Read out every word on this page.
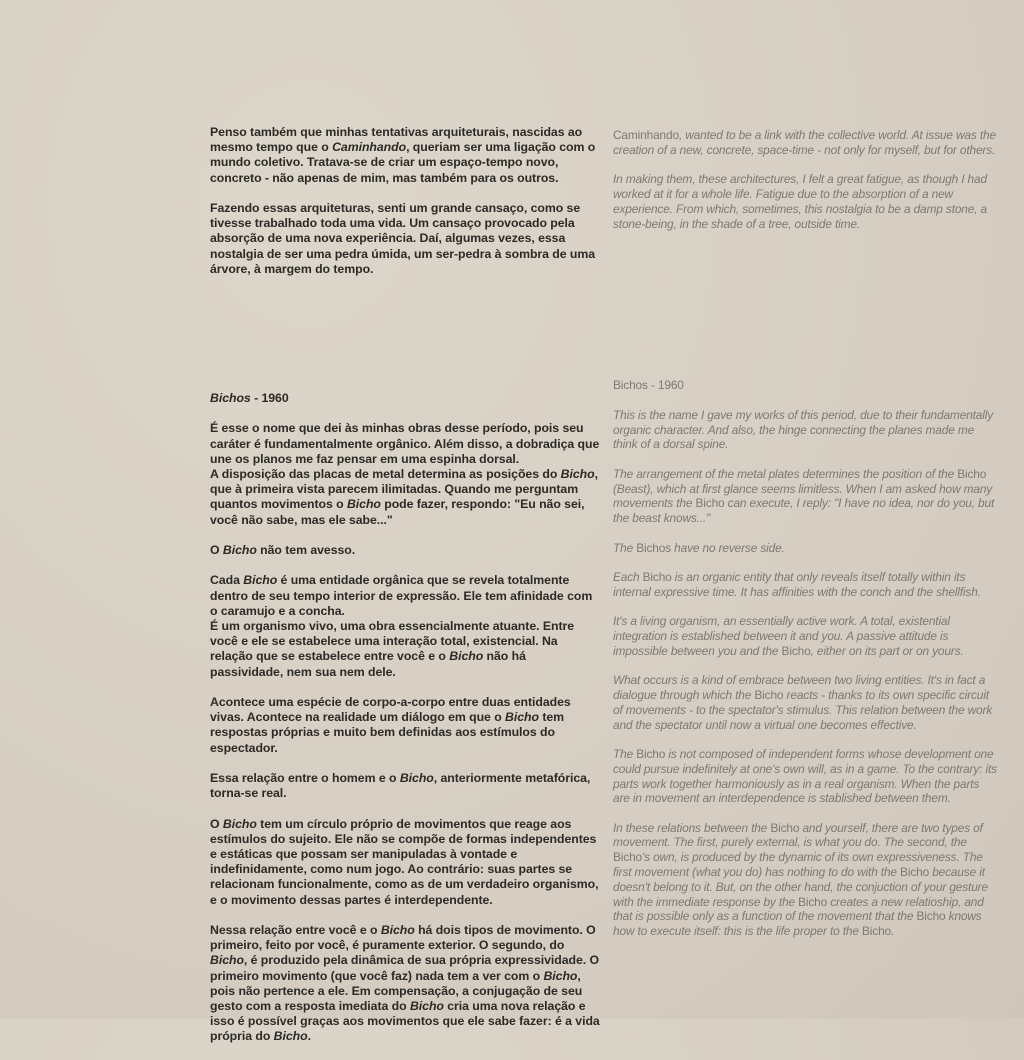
Penso também que minhas tentativas arquiteturais, nascidas ao mesmo tempo que o Caminhando, queriam ser uma ligação com o mundo coletivo. Tratava-se de criar um espaço-tempo novo, concreto - não apenas de mim, mas também para os outros.

Fazendo essas arquiteturas, senti um grande cansaço, como se tivesse trabalhado toda uma vida. Um cansaço provocado pela absorção de uma nova experiência. Daí, algumas vezes, essa nostalgia de ser uma pedra úmida, um ser-pedra à sombra de uma árvore, à margem do tempo.

Caminhando, wanted to be a link with the collective world. At issue was the creation of a new, concrete, space-time - not only for myself, but for others.

In making them, these architectures, I felt a great fatigue, as though I had worked at it for a whole life. Fatigue due to the absorption of a new experience. From which, sometimes, this nostalgia to be a damp stone, a stone-being, in the shade of a tree, outside time.

Bichos - 1960

É esse o nome que dei às minhas obras desse período, pois seu caráter é fundamentalmente orgânico. Além disso, a dobradiça que une os planos me faz pensar em uma espinha dorsal.
A disposição das placas de metal determina as posições do Bicho, que à primeira vista parecem ilimitadas. Quando me perguntam quantos movimentos o Bicho pode fazer, respondo: "Eu não sei, você não sabe, mas ele sabe..."

O Bicho não tem avesso.

Cada Bicho é uma entidade orgânica que se revela totalmente dentro de seu tempo interior de expressão. Ele tem afinidade com o caramujo e a concha.
É um organismo vivo, uma obra essencialmente atuante. Entre você e ele se estabelece uma interação total, existencial. Na relação que se estabelece entre você e o Bicho não há passividade, nem sua nem dele.

Acontece uma espécie de corpo-a-corpo entre duas entidades vivas. Acontece na realidade um diálogo em que o Bicho tem respostas próprias e muito bem definidas aos estímulos do espectador.

Essa relação entre o homem e o Bicho, anteriormente metafórica, torna-se real.

O Bicho tem um círculo próprio de movimentos que reage aos estímulos do sujeito. Ele não se compõe de formas independentes e estáticas que possam ser manipuladas à vontade e indefinidamente, como num jogo. Ao contrário: suas partes se relacionam funcionalmente, como as de um verdadeiro organismo, e o movimento dessas partes é interdependente.

Nessa relação entre você e o Bicho há dois tipos de movimento. O primeiro, feito por você, é puramente exterior. O segundo, do Bicho, é produzido pela dinâmica de sua própria expressividade. O primeiro movimento (que você faz) nada tem a ver com o Bicho, pois não pertence a ele. Em compensação, a conjugação de seu gesto com a resposta imediata do Bicho cria uma nova relação e isso é possível graças aos movimentos que ele sabe fazer: é a vida própria do Bicho.

Bichos - 1960

This is the name I gave my works of this period, due to their fundamentally organic character. And also, the hinge connecting the planes made me think of a dorsal spine.

The arrangement of the metal plates determines the position of the Bicho (Beast), which at first glance seems limitless. When I am asked how many movements the Bicho can execute, I reply: "I have no idea, nor do you, but the beast knows..."

The Bichos have no reverse side.

Each Bicho is an organic entity that only reveals itself totally within its internal expressive time. It has affinities with the conch and the shellfish.

It's a living organism, an essentially active work. A total, existential integration is established between it and you. A passive attitude is impossible between you and the Bicho, either on its part or on yours.

What occurs is a kind of embrace between two living entities. It's in fact a dialogue through which the Bicho reacts - thanks to its own specific circuit of movements - to the spectator's stimulus. This relation between the work and the spectator until now a virtual one becomes effective.

The Bicho is not composed of independent forms whose development one could pursue indefinitely at one's own will, as in a game. To the contrary: its parts work together harmoniously as in a real organism. When the parts are in movement an interdependence is stablished between them.

In these relations between the Bicho and yourself, there are two types of movement. The first, purely external, is what you do. The second, the Bicho's own, is produced by the dynamic of its own expressiveness. The first movement (what you do) has nothing to do with the Bicho because it doesn't belong to it. But, on the other hand, the conjuction of your gesture with the immediate response by the Bicho creates a new relatioship, and that is possible only as a function of the movement that the Bicho knows how to execute itself: this is the life proper to the Bicho.
